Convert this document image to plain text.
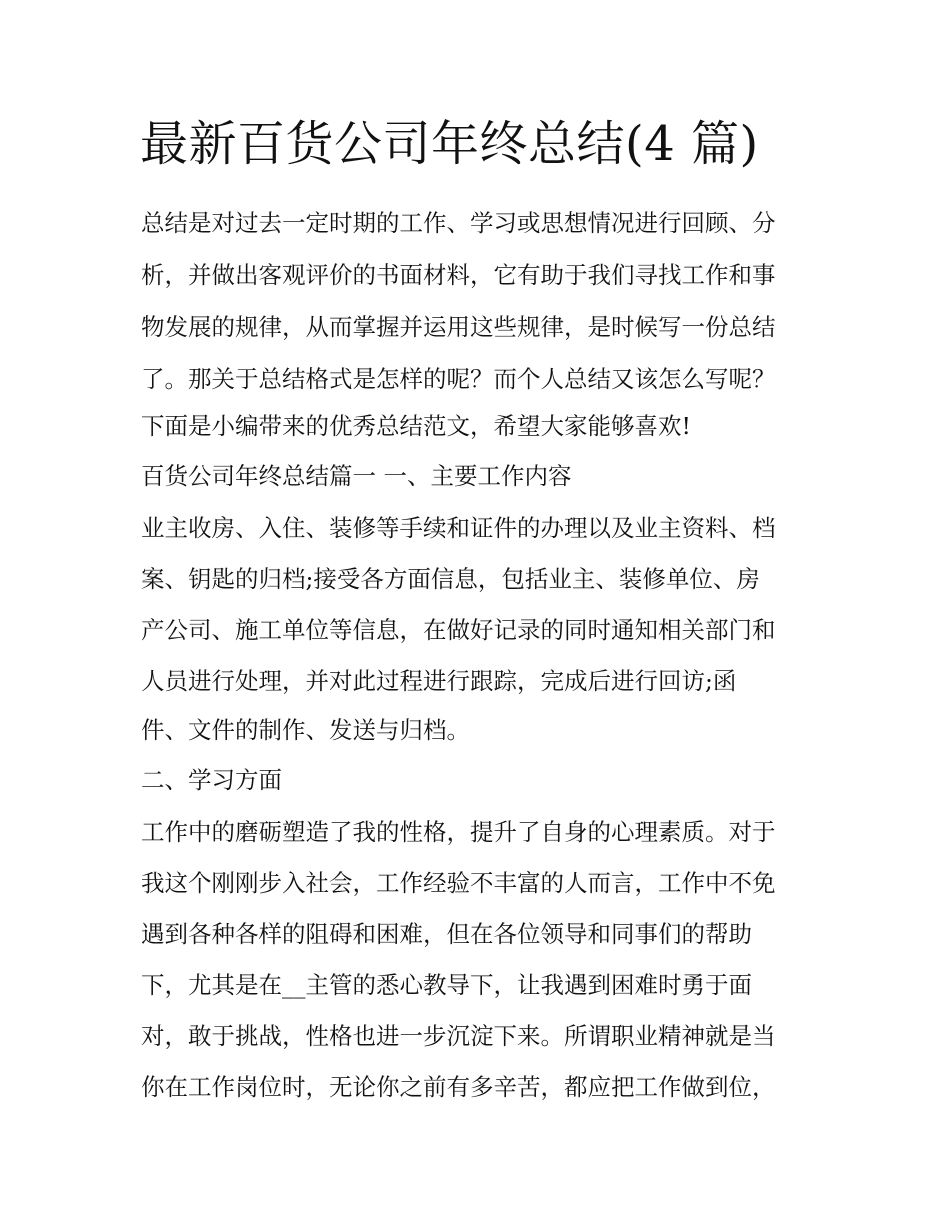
最新百货公司年终总结(4 篇)

总结是对过去一定时期的工作、学习或思想情况进行回顾、分

析，并做出客观评价的书面材料，它有助于我们寻找工作和事

物发展的规律，从而掌握并运用这些规律，是时候写一份总结

了。那关于总结格式是怎样的呢？而个人总结又该怎么写呢？

下面是小编带来的优秀总结范文，希望大家能够喜欢!

百货公司年终总结篇一 一、主要工作内容

业主收房、入住、装修等手续和证件的办理以及业主资料、档

案、钥匙的归档;接受各方面信息，包括业主、装修单位、房

产公司、施工单位等信息，在做好记录的同时通知相关部门和

人员进行处理，并对此过程进行跟踪，完成后进行回访;函

件、文件的制作、发送与归档。

二、学习方面

工作中的磨砺塑造了我的性格，提升了自身的心理素质。对于

我这个刚刚步入社会，工作经验不丰富的人而言，工作中不免

遇到各种各样的阻碍和困难，但在各位领导和同事们的帮助

下，尤其是在__主管的悉心教导下，让我遇到困难时勇于面

对，敢于挑战，性格也进一步沉淀下来。所谓职业精神就是当

你在工作岗位时，无论你之前有多辛苦，都应把工作做到位，
